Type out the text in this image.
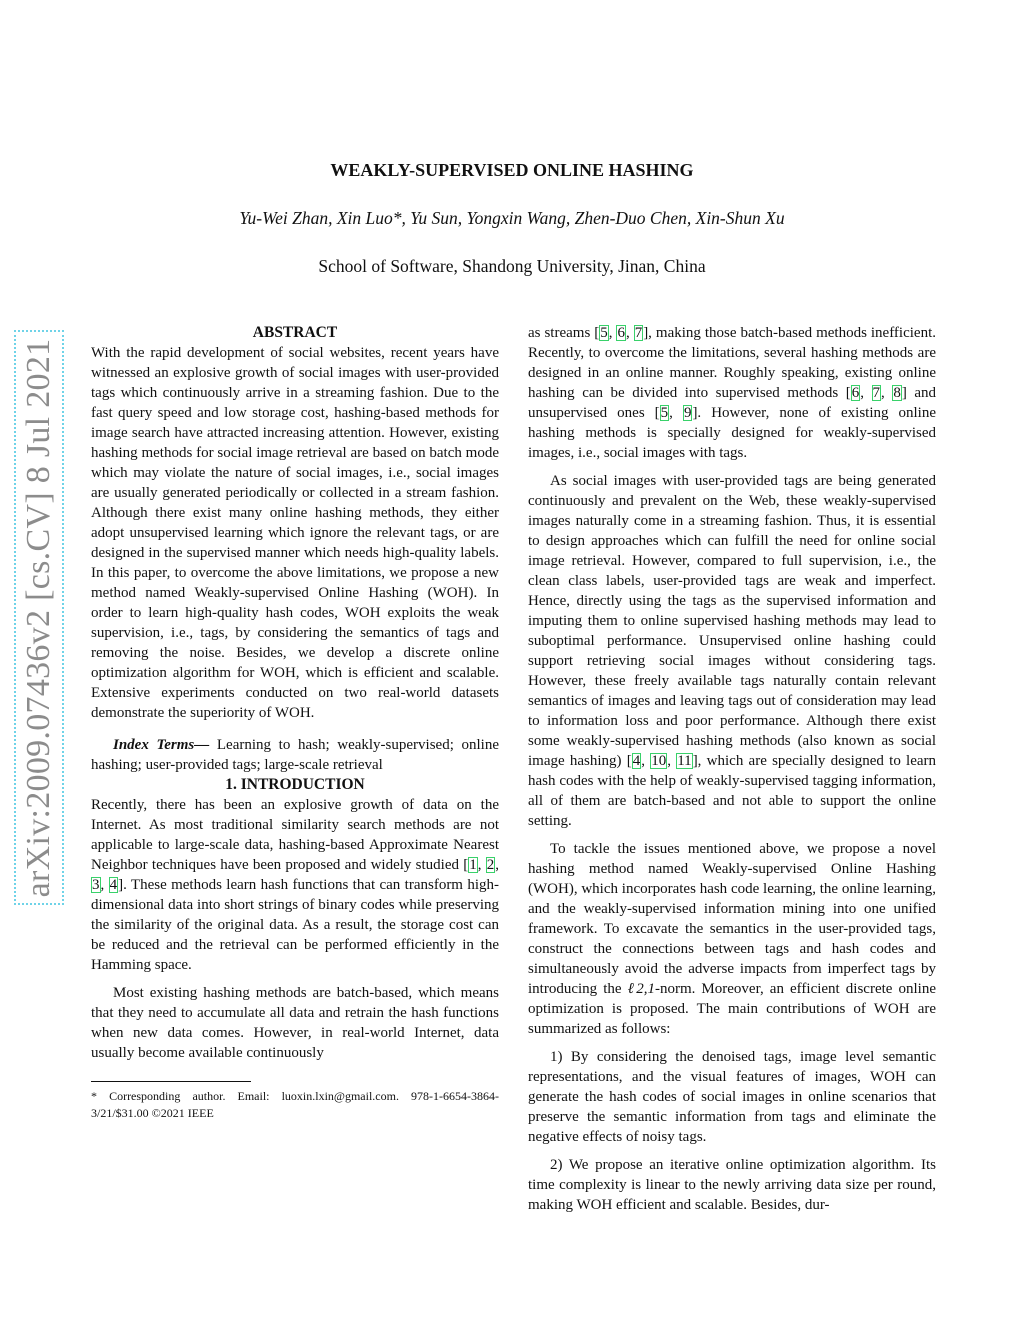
arXiv:2009.07436v2 [cs.CV] 8 Jul 2021
WEAKLY-SUPERVISED ONLINE HASHING
Yu-Wei Zhan, Xin Luo*, Yu Sun, Yongxin Wang, Zhen-Duo Chen, Xin-Shun Xu
School of Software, Shandong University, Jinan, China

ABSTRACT

With the rapid development of social websites, recent years have witnessed an explosive growth of social images with user-provided tags which continuously arrive in a streaming fashion. Due to the fast query speed and low storage cost, hashing-based methods for image search have attracted increasing attention. However, existing hashing methods for social image retrieval are based on batch mode which may violate the nature of social images, i.e., social images are usually generated periodically or collected in a stream fashion. Although there exist many online hashing methods, they either adopt unsupervised learning which ignore the relevant tags, or are designed in the supervised manner which needs high-quality labels. In this paper, to overcome the above limitations, we propose a new method named Weakly-supervised Online Hashing (WOH). In order to learn high-quality hash codes, WOH exploits the weak supervision, i.e., tags, by considering the semantics of tags and removing the noise. Besides, we develop a discrete online optimization algorithm for WOH, which is efficient and scalable. Extensive experiments conducted on two real-world datasets demonstrate the superiority of WOH.

Index Terms— Learning to hash; weakly-supervised; online hashing; user-provided tags; large-scale retrieval

1. INTRODUCTION

Recently, there has been an explosive growth of data on the Internet. As most traditional similarity search methods are not applicable to large-scale data, hashing-based Approximate Nearest Neighbor techniques have been proposed and widely studied [1, 2, 3, 4]. These methods learn hash functions that can transform high-dimensional data into short strings of binary codes while preserving the similarity of the original data. As a result, the storage cost can be reduced and the retrieval can be performed efficiently in the Hamming space.

Most existing hashing methods are batch-based, which means that they need to accumulate all data and retrain the hash functions when new data comes. However, in real-world Internet, data usually become available continuously

* Corresponding author. Email: luoxin.lxin@gmail.com. 978-1-6654-3864-3/21/$31.00 ©2021 IEEE

as streams [5, 6, 7], making those batch-based methods inefficient. Recently, to overcome the limitations, several hashing methods are designed in an online manner. Roughly speaking, existing online hashing can be divided into supervised methods [6, 7, 8] and unsupervised ones [5, 9]. However, none of existing online hashing methods is specially designed for weakly-supervised images, i.e., social images with tags.

As social images with user-provided tags are being generated continuously and prevalent on the Web, these weakly-supervised images naturally come in a streaming fashion. Thus, it is essential to design approaches which can fulfill the need for online social image retrieval. However, compared to full supervision, i.e., the clean class labels, user-provided tags are weak and imperfect. Hence, directly using the tags as the supervised information and imputing them to online supervised hashing methods may lead to suboptimal performance. Unsupervised online hashing could support retrieving social images without considering tags. However, these freely available tags naturally contain relevant semantics of images and leaving tags out of consideration may lead to information loss and poor performance. Although there exist some weakly-supervised hashing methods (also known as social image hashing) [4, 10, 11], which are specially designed to learn hash codes with the help of weakly-supervised tagging information, all of them are batch-based and not able to support the online setting.

To tackle the issues mentioned above, we propose a novel hashing method named Weakly-supervised Online Hashing (WOH), which incorporates hash code learning, the online learning, and the weakly-supervised information mining into one unified framework. To excavate the semantics in the user-provided tags, construct the connections between tags and hash codes and simultaneously avoid the adverse impacts from imperfect tags by introducing the ℓ2,1-norm. Moreover, an efficient discrete online optimization is proposed. The main contributions of WOH are summarized as follows:

1) By considering the denoised tags, image level semantic representations, and the visual features of images, WOH can generate the hash codes of social images in online scenarios that preserve the semantic information from tags and eliminate the negative effects of noisy tags.

2) We propose an iterative online optimization algorithm. Its time complexity is linear to the newly arriving data size per round, making WOH efficient and scalable. Besides, dur-
